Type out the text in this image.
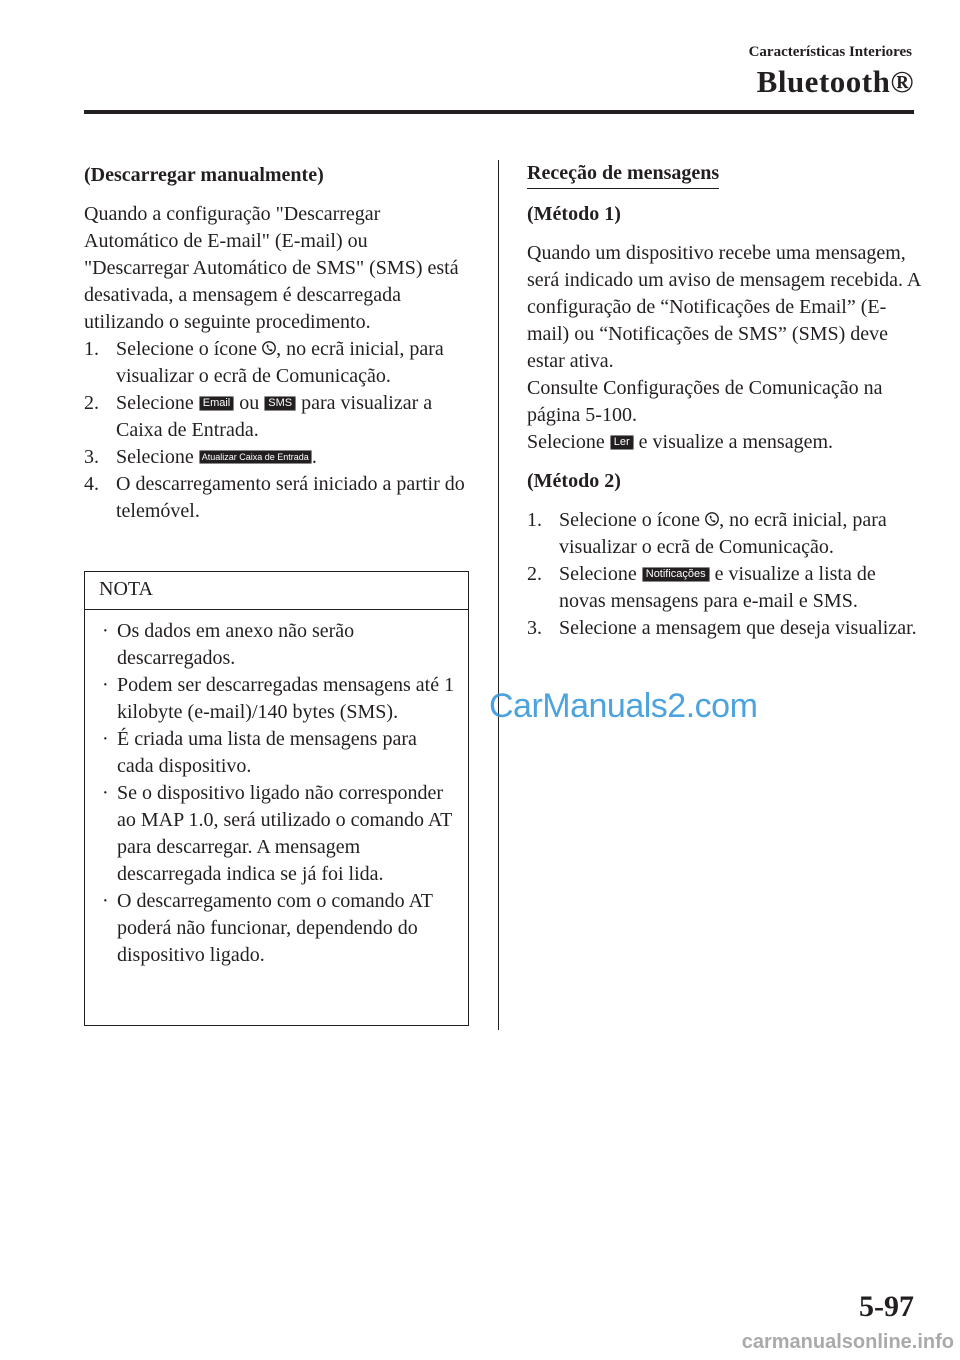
Características Interiores
Bluetooth®

(Descarregar manualmente)

Quando a configuração "Descarregar Automático de E-mail" (E-mail) ou "Descarregar Automático de SMS" (SMS) está desativada, a mensagem é descarregada utilizando o seguinte procedimento.

1. Selecione o ícone , no ecrã inicial, para visualizar o ecrã de Comunicação.
2. Selecione Email ou SMS para visualizar a Caixa de Entrada.
3. Selecione Atualizar Caixa de Entrada .
4. O descarregamento será iniciado a partir do telemóvel.
NOTA
· Os dados em anexo não serão descarregados.
· Podem ser descarregadas mensagens até 1 kilobyte (e-mail)/140 bytes (SMS).
· É criada uma lista de mensagens para cada dispositivo.
· Se o dispositivo ligado não corresponder ao MAP 1.0, será utilizado o comando AT para descarregar. A mensagem descarregada indica se já foi lida.
· O descarregamento com o comando AT poderá não funcionar, dependendo do dispositivo ligado.

Receção de mensagens

(Método 1)

Quando um dispositivo recebe uma mensagem, será indicado um aviso de mensagem recebida. A configuração de “Notificações de Email” (E-mail) ou “Notificações de SMS” (SMS) deve estar ativa.

Consulte Configurações de Comunicação na página 5-100.

Selecione Ler e visualize a mensagem.

(Método 2)

1. Selecione o ícone , no ecrã inicial, para visualizar o ecrã de Comunicação.
2. Selecione Notificações e visualize a lista de novas mensagens para e-mail e SMS.
3. Selecione a mensagem que deseja visualizar.
CarManuals2.com
5-97
carmanualsonline.info
